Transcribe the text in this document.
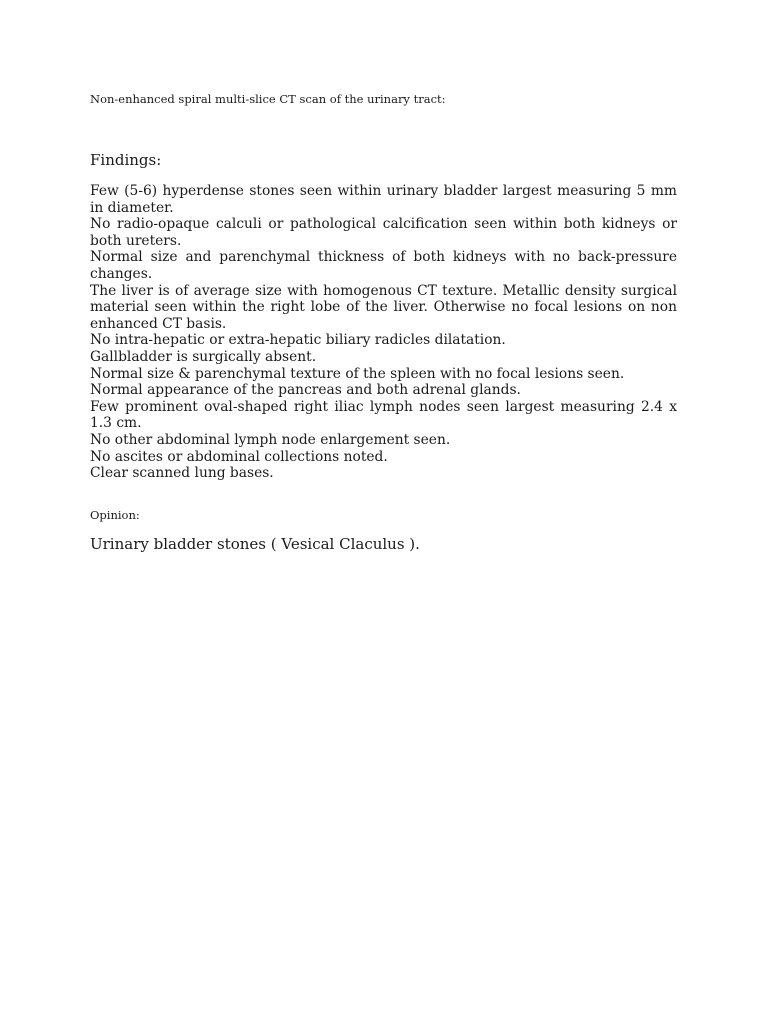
Non-enhanced spiral multi-slice CT scan of the urinary tract:
Findings:
Few (5-6) hyperdense stones seen within urinary bladder largest measuring 5 mm in diameter.
No radio-opaque calculi or pathological calcification seen within both kidneys or both ureters.
Normal size and parenchymal thickness of both kidneys with no back-pressure changes.
The liver is of average size with homogenous CT texture. Metallic density surgical material seen within the right lobe of the liver. Otherwise no focal lesions on non enhanced CT basis.
No intra-hepatic or extra-hepatic biliary radicles dilatation.
Gallbladder is surgically absent.
Normal size & parenchymal texture of the spleen with no focal lesions seen.
Normal appearance of the pancreas and both adrenal glands.
Few prominent oval-shaped right iliac lymph nodes seen largest measuring 2.4 x 1.3 cm.
No other abdominal lymph node enlargement seen.
No ascites or abdominal collections noted.
Clear scanned lung bases.
Opinion:
Urinary bladder stones ( Vesical Claculus ).
